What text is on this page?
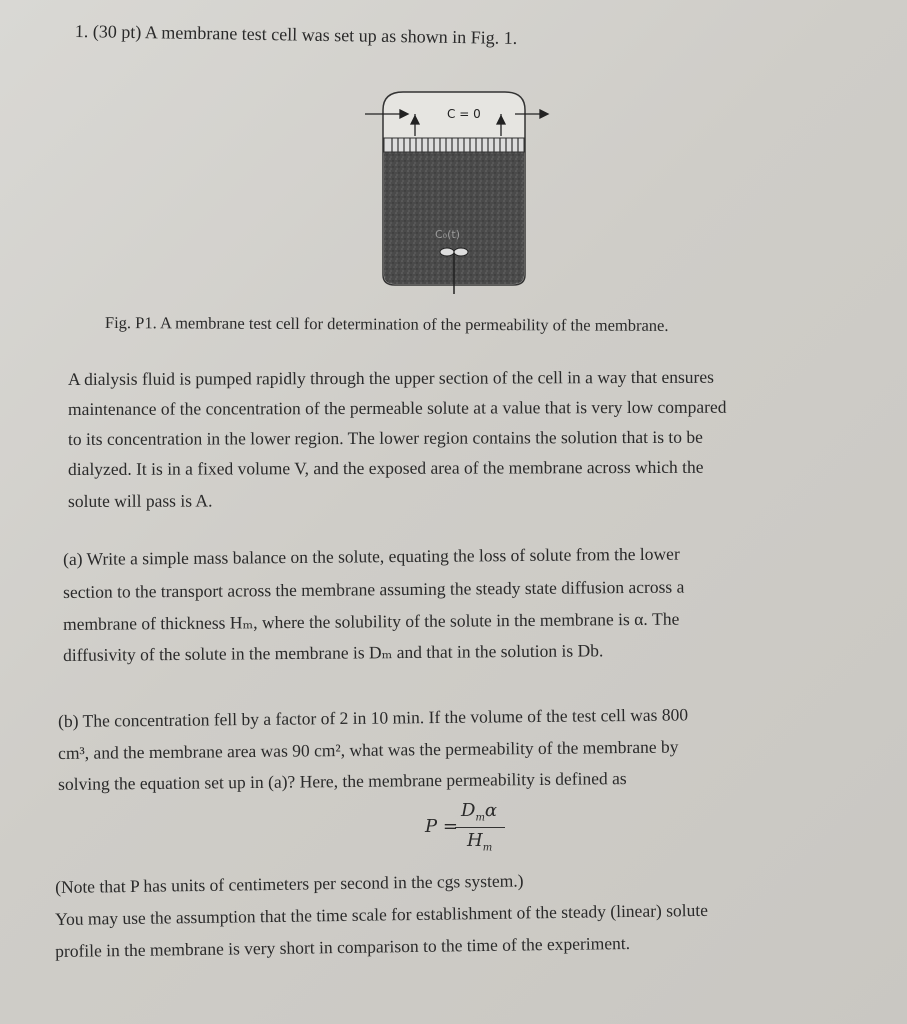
1. (30 pt) A membrane test cell was set up as shown in Fig. 1.
C = 0
C₀(t)
Fig. P1. A membrane test cell for determination of the permeability of the membrane.
A dialysis fluid is pumped rapidly through the upper section of the cell in a way that ensures
maintenance of the concentration of the permeable solute at a value that is very low compared
to its concentration in the lower region. The lower region contains the solution that is to be
dialyzed. It is in a fixed volume V, and the exposed area of the membrane across which the
solute will pass is A.
(a) Write a simple mass balance on the solute, equating the loss of solute from the lower
section to the transport across the membrane assuming the steady state diffusion across a
membrane of thickness Hₘ, where the solubility of the solute in the membrane is α. The
diffusivity of the solute in the membrane is Dₘ and that in the solution is Db.
(b) The concentration fell by a factor of 2 in 10 min. If the volume of the test cell was 800
cm³, and the membrane area was 90 cm², what was the permeability of the membrane by
solving the equation set up in (a)? Here, the membrane permeability is defined as
P =
$D_m\alpha$
$H_m$
(Note that P has units of centimeters per second in the cgs system.)
You may use the assumption that the time scale for establishment of the steady (linear) solute
profile in the membrane is very short in comparison to the time of the experiment.
